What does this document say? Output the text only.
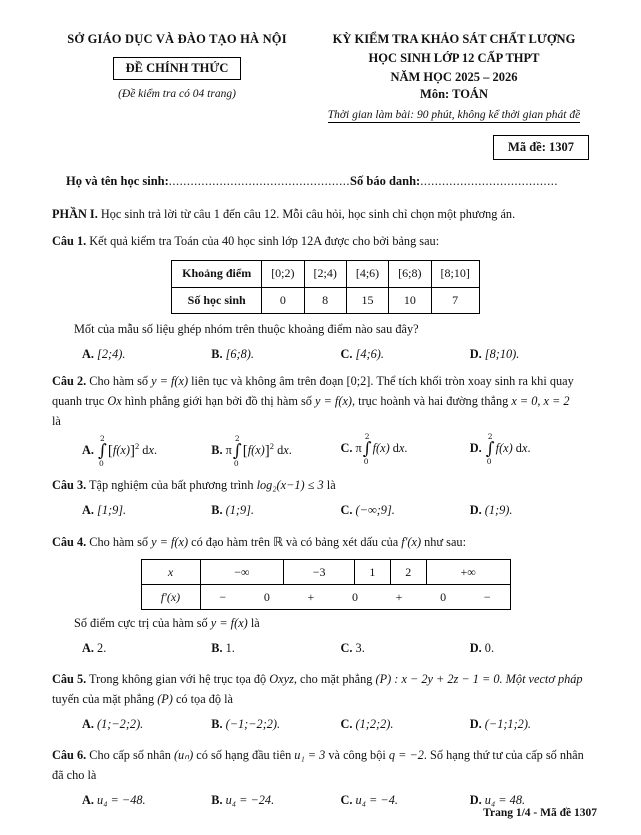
SỞ GIÁO DỤC VÀ ĐÀO TẠO HÀ NỘI
ĐỀ CHÍNH THỨC
(Đề kiểm tra có 04 trang)
KỲ KIỂM TRA KHẢO SÁT CHẤT LƯỢNG
HỌC SINH LỚP 12 CẤP THPT
NĂM HỌC 2025 – 2026
Môn: TOÁN
Thời gian làm bài: 90 phút, không kể thời gian phát đề
Mã đề: 1307
Họ và tên học sinh: .................................................. Số báo danh: ......................................
PHẦN I. Học sinh trả lời từ câu 1 đến câu 12. Mỗi câu hỏi, học sinh chỉ chọn một phương án.
Câu 1. Kết quả kiểm tra Toán của 40 học sinh lớp 12A được cho bởi bảng sau:
Khoảng điểm	[0;2)	[2;4)	[4;6)	[6;8)	[8;10]
Số học sinh	0	8	15	10	7
Mốt của mẫu số liệu ghép nhóm trên thuộc khoảng điểm nào sau đây?
A. [2;4).	B. [6;8).	C. [4;6).	D. [8;10).
Câu 2. Cho hàm số y = f(x) liên tục và không âm trên đoạn [0;2]. Thể tích khối tròn xoay sinh ra khi quay
quanh trục Ox hình phẳng giới hạn bởi đồ thị hàm số y = f(x), trục hoành và hai đường thẳng x = 0, x = 2
là
A. ∫
2
0
$[f(x)]^2$ dx.	B. π∫
2
0
$[f(x)]^2$ dx.	C. π∫
2
0
f(x) dx.	D. ∫
2
0
f(x) dx.
Câu 3. Tập nghiệm của bất phương trình log₂(x−1) ≤ 3 là
A. [1;9].	B. (1;9].	C. (−∞;9].	D. (1;9).
Câu 4. Cho hàm số y = f(x) có đạo hàm trên ℝ và có bảng xét dấu của f′(x) như sau:
x	−∞	−3	1	2	+∞
f′(x)	−	0	+	0	+	0	−
Số điểm cực trị của hàm số y = f(x) là
A. 2.	B. 1.	C. 3.	D. 0.
Câu 5. Trong không gian với hệ trục tọa độ Oxyz, cho mặt phẳng (P) : x − 2y + 2z − 1 = 0. Một vectơ pháp
tuyến của mặt phẳng (P) có tọa độ là
A. (1;−2;2).	B. (−1;−2;2).	C. (1;2;2).	D. (−1;1;2).
Câu 6. Cho cấp số nhân (uₙ) có số hạng đầu tiên u₁ = 3 và công bội q = −2. Số hạng thứ tư của cấp số nhân
đã cho là
A. u₄ = −48.	B. u₄ = −24.	C. u₄ = −4.	D. u₄ = 48.
Trang 1/4 - Mã đề 1307
